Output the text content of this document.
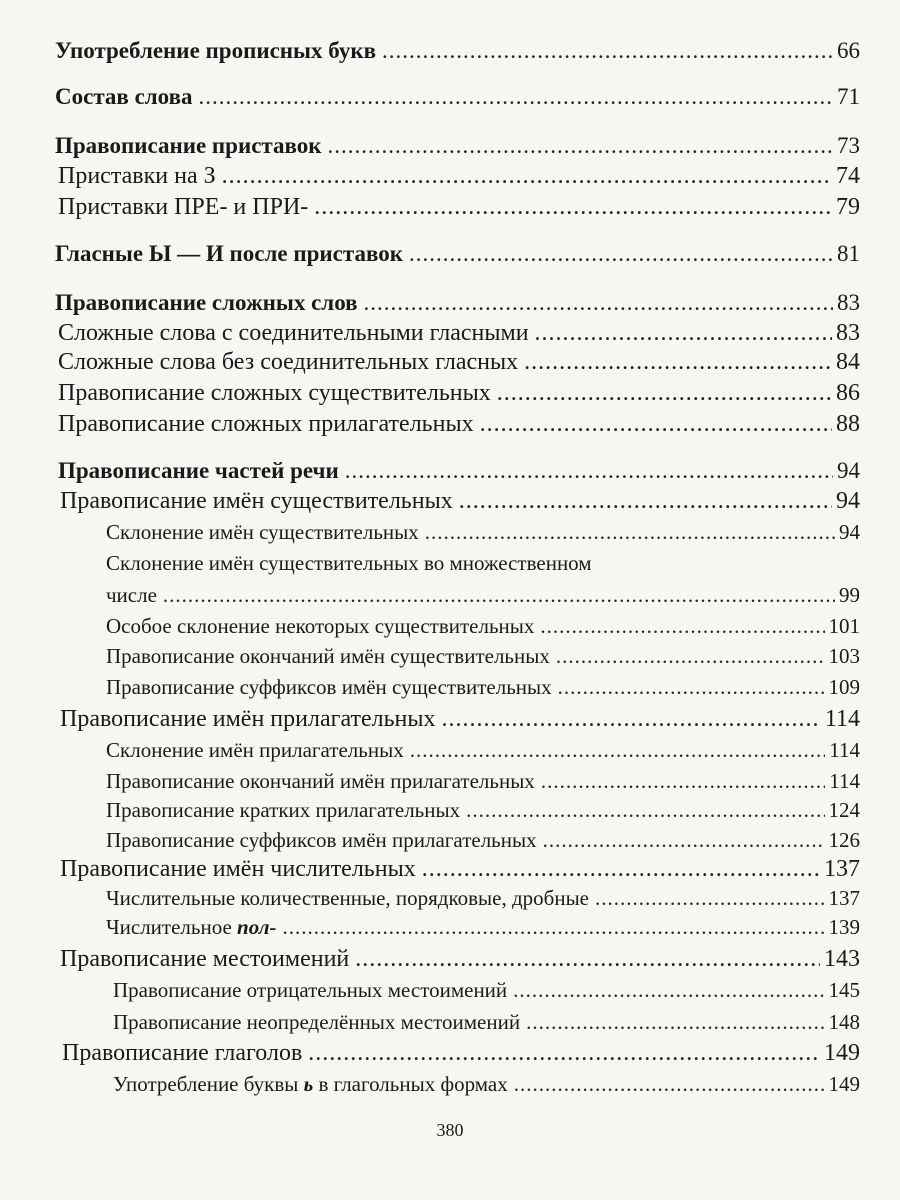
Употребление прописных букв .....	66
Состав слова .....	71
Правописание приставок .....	73
Приставки на З .....	74
Приставки ПРЕ- и ПРИ- .....	79
Гласные Ы — И после приставок .....	81
Правописание сложных слов .....	83
Сложные слова с соединительными гласными .....	83
Сложные слова без соединительных гласных .....	84
Правописание сложных существительных .....	86
Правописание сложных прилагательных .....	88
Правописание частей речи .....	94
Правописание имён существительных .....	94
Склонение имён существительных .....	94
Склонение имён существительных во множественном
числе .....	99
Особое склонение некоторых существительных .....	101
Правописание окончаний имён существительных .....	103
Правописание суффиксов имён существительных .....	109
Правописание имён прилагательных .....	114
Склонение имён прилагательных .....	114
Правописание окончаний имён прилагательных .....	114
Правописание кратких прилагательных .....	124
Правописание суффиксов имён прилагательных .....	126
Правописание имён числительных .....	137
Числительные количественные, порядковые, дробные .....	137
Числительное пол- .....	139
Правописание местоимений .....	143
Правописание отрицательных местоимений .....	145
Правописание неопределённых местоимений .....	148
Правописание глаголов .....	149
Употребление буквы ь в глагольных формах .....	149
380
